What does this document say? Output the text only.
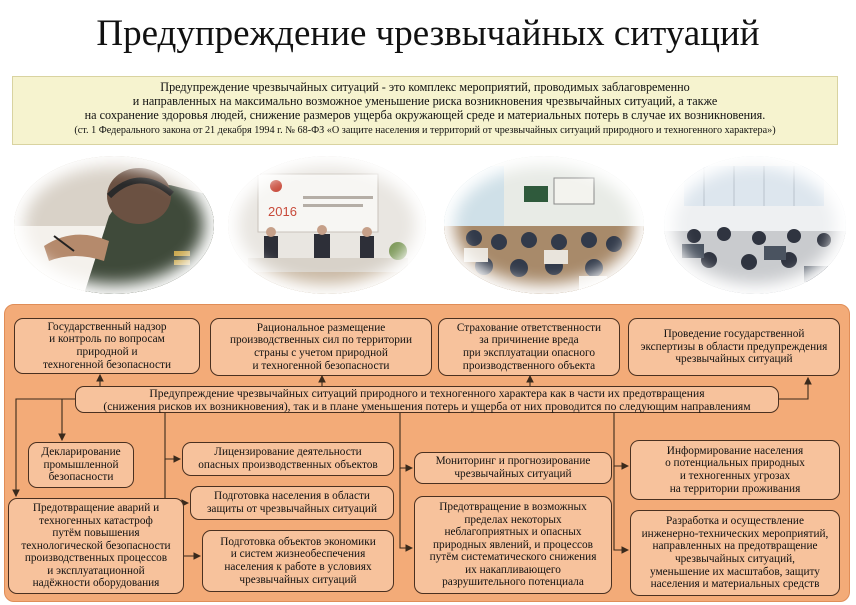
Предупреждение чрезвычайных ситуаций
Предупреждение чрезвычайных ситуаций - это комплекс мероприятий, проводимых заблаговременно
и направленных на максимально возможное уменьшение риска возникновения чрезвычайных ситуаций, а также
на сохранение здоровья людей, снижение размеров ущерба окружающей среде и материальных потерь в случае их возникновения.
(ст. 1 Федерального закона от 21 декабря 1994 г. № 68-ФЗ «О защите населения и территорий от чрезвычайных ситуаций природного и техногенного характера»)
2016
Государственный надзор
и контроль по вопросам
природной и
техногенной безопасности
Рациональное размещение
производственных сил по территории
страны с учетом природной
и техногенной безопасности
Страхование ответственности
за причинение вреда
при эксплуатации опасного
производственного объекта
Проведение государственной
экспертизы в области предупреждения
чрезвычайных ситуаций
Предупреждение чрезвычайных ситуаций природного и техногенного характера как в части их предотвращения
(снижения рисков их возникновения), так и в плане уменьшения потерь и ущерба от них проводится по следующим направлениям
Декларирование
промышленной
безопасности
Лицензирование деятельности
опасных производственных объектов	Мониторинг и прогнозирование
чрезвычайных ситуаций
Информирование населения
о потенциальных природных
и техногенных угрозах
на территории проживания
Предотвращение аварий и
техногенных катастроф
путём повышения
технологической безопасности
производственных процессов
и эксплуатационной
надёжности оборудования
Подготовка населения в области
защиты от чрезвычайных ситуаций
Подготовка объектов экономики
и систем жизнеобеспечения
населения к работе в условиях
чрезвычайных ситуаций
Предотвращение в возможных
пределах некоторых
неблагоприятных и опасных
природных явлений, и процессов
путём систематического снижения
их накапливающего
разрушительного потенциала
Разработка и осуществление
инженерно-технических мероприятий,
направленных на предотвращение
чрезвычайных ситуаций,
уменьшение их масштабов, защиту
населения и материальных средств
